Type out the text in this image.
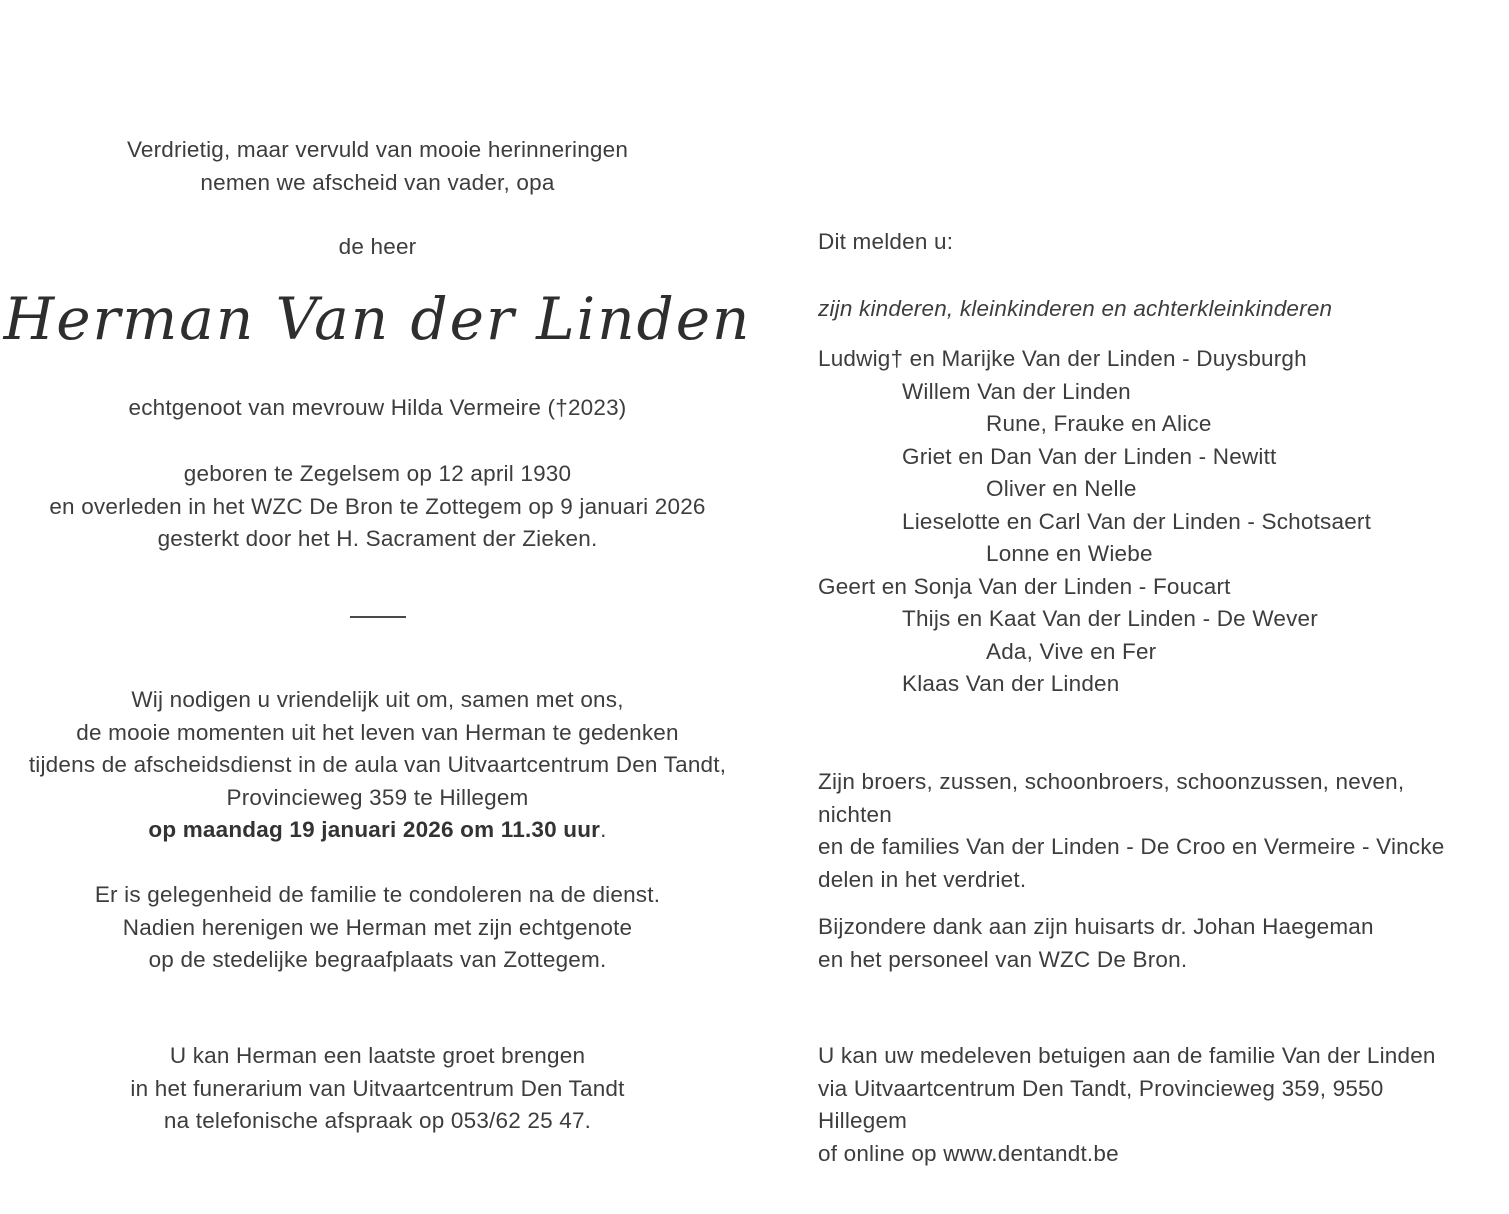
Verdrietig, maar vervuld van mooie herinneringen
nemen we afscheid van vader, opa
de heer
Herman Van der Linden
echtgenoot van mevrouw Hilda Vermeire (†2023)
geboren te Zegelsem op 12 april 1930
en overleden in het WZC De Bron te Zottegem op 9 januari 2026
gesterkt door het H. Sacrament der Zieken.
Wij nodigen u vriendelijk uit om, samen met ons,
de mooie momenten uit het leven van Herman te gedenken
tijdens de afscheidsdienst in de aula van Uitvaartcentrum Den Tandt,
Provincieweg 359 te Hillegem
op maandag 19 januari 2026 om 11.30 uur.
Er is gelegenheid de familie te condoleren na de dienst.
Nadien herenigen we Herman met zijn echtgenote
op de stedelijke begraafplaats van Zottegem.
U kan Herman een laatste groet brengen
in het funerarium van Uitvaartcentrum Den Tandt
na telefonische afspraak op 053/62 25 47.
Dit melden u:
zijn kinderen, kleinkinderen en achterkleinkinderen
Ludwig† en Marijke Van der Linden - Duysburgh
Willem Van der Linden
Rune, Frauke en Alice
Griet en Dan Van der Linden - Newitt
Oliver en Nelle
Lieselotte en Carl Van der Linden - Schotsaert
Lonne en Wiebe
Geert en Sonja Van der Linden - Foucart
Thijs en Kaat Van der Linden - De Wever
Ada, Vive en Fer
Klaas Van der Linden
Zijn broers, zussen, schoonbroers, schoonzussen, neven, nichten
en de families Van der Linden - De Croo en Vermeire - Vincke
delen in het verdriet.
Bijzondere dank aan zijn huisarts dr. Johan Haegeman
en het personeel van WZC De Bron.
U kan uw medeleven betuigen aan de familie Van der Linden
via Uitvaartcentrum Den Tandt, Provincieweg 359, 9550 Hillegem
of online op www.dentandt.be
